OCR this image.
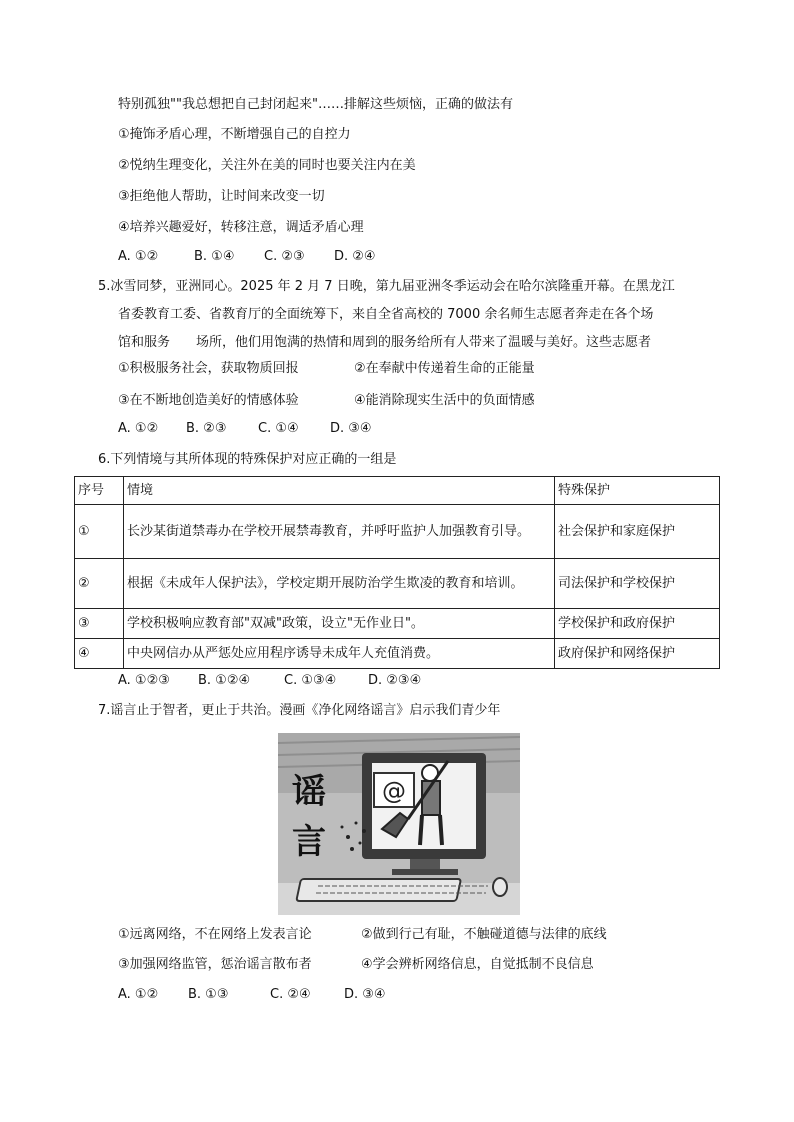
特别孤独""我总想把自己封闭起来"……排解这些烦恼，正确的做法有
①掩饰矛盾心理，不断增强自己的自控力
②悦纳生理变化，关注外在美的同时也要关注内在美
③拒绝他人帮助，让时间来改变一切
④培养兴趣爱好，转移注意，调适矛盾心理
A. ①②	B. ①④ C. ②③ D. ②④
5.冰雪同梦，亚洲同心。2025 年 2 月 7 日晚，第九届亚洲冬季运动会在哈尔滨隆重开幕。在黑龙江
省委教育工委、省教育厅的全面统筹下，来自全省高校的 7000 余名师生志愿者奔走在各个场
馆和服务　　场所，他们用饱满的热情和周到的服务给所有人带来了温暖与美好。这些志愿者
①积极服务社会，获取物质回报	②在奉献中传递着生命的正能量
③在不断地创造美好的情感体验	④能消除现实生活中的负面情感
A. ①② B. ②③ C. ①④ D. ③④
6.下列情境与其所体现的特殊保护对应正确的一组是
序号	情境	特殊保护
①	长沙某街道禁毒办在学校开展禁毒教育，并呼吁监护人加强教育引导。	社会保护和家庭保护
②	根据《未成年人保护法》，学校定期开展防治学生欺凌的教育和培训。	司法保护和学校保护
③	学校积极响应教育部"双减"政策，设立"无作业日"。	学校保护和政府保护
④	中央网信办从严惩处应用程序诱导未成年人充值消费。	政府保护和网络保护
A. ①②③ B. ①②④	C. ①③④ D. ②③④
7.谣言止于智者，更止于共治。漫画《净化网络谣言》启示我们青少年
@
谣
言
①远离网络，不在网络上发表言论	②做到行己有耻，不触碰道德与法律的底线
③加强网络监管，惩治谣言散布者	④学会辨析网络信息，自觉抵制不良信息
A. ①② B. ①③	C. ②④	D. ③④
